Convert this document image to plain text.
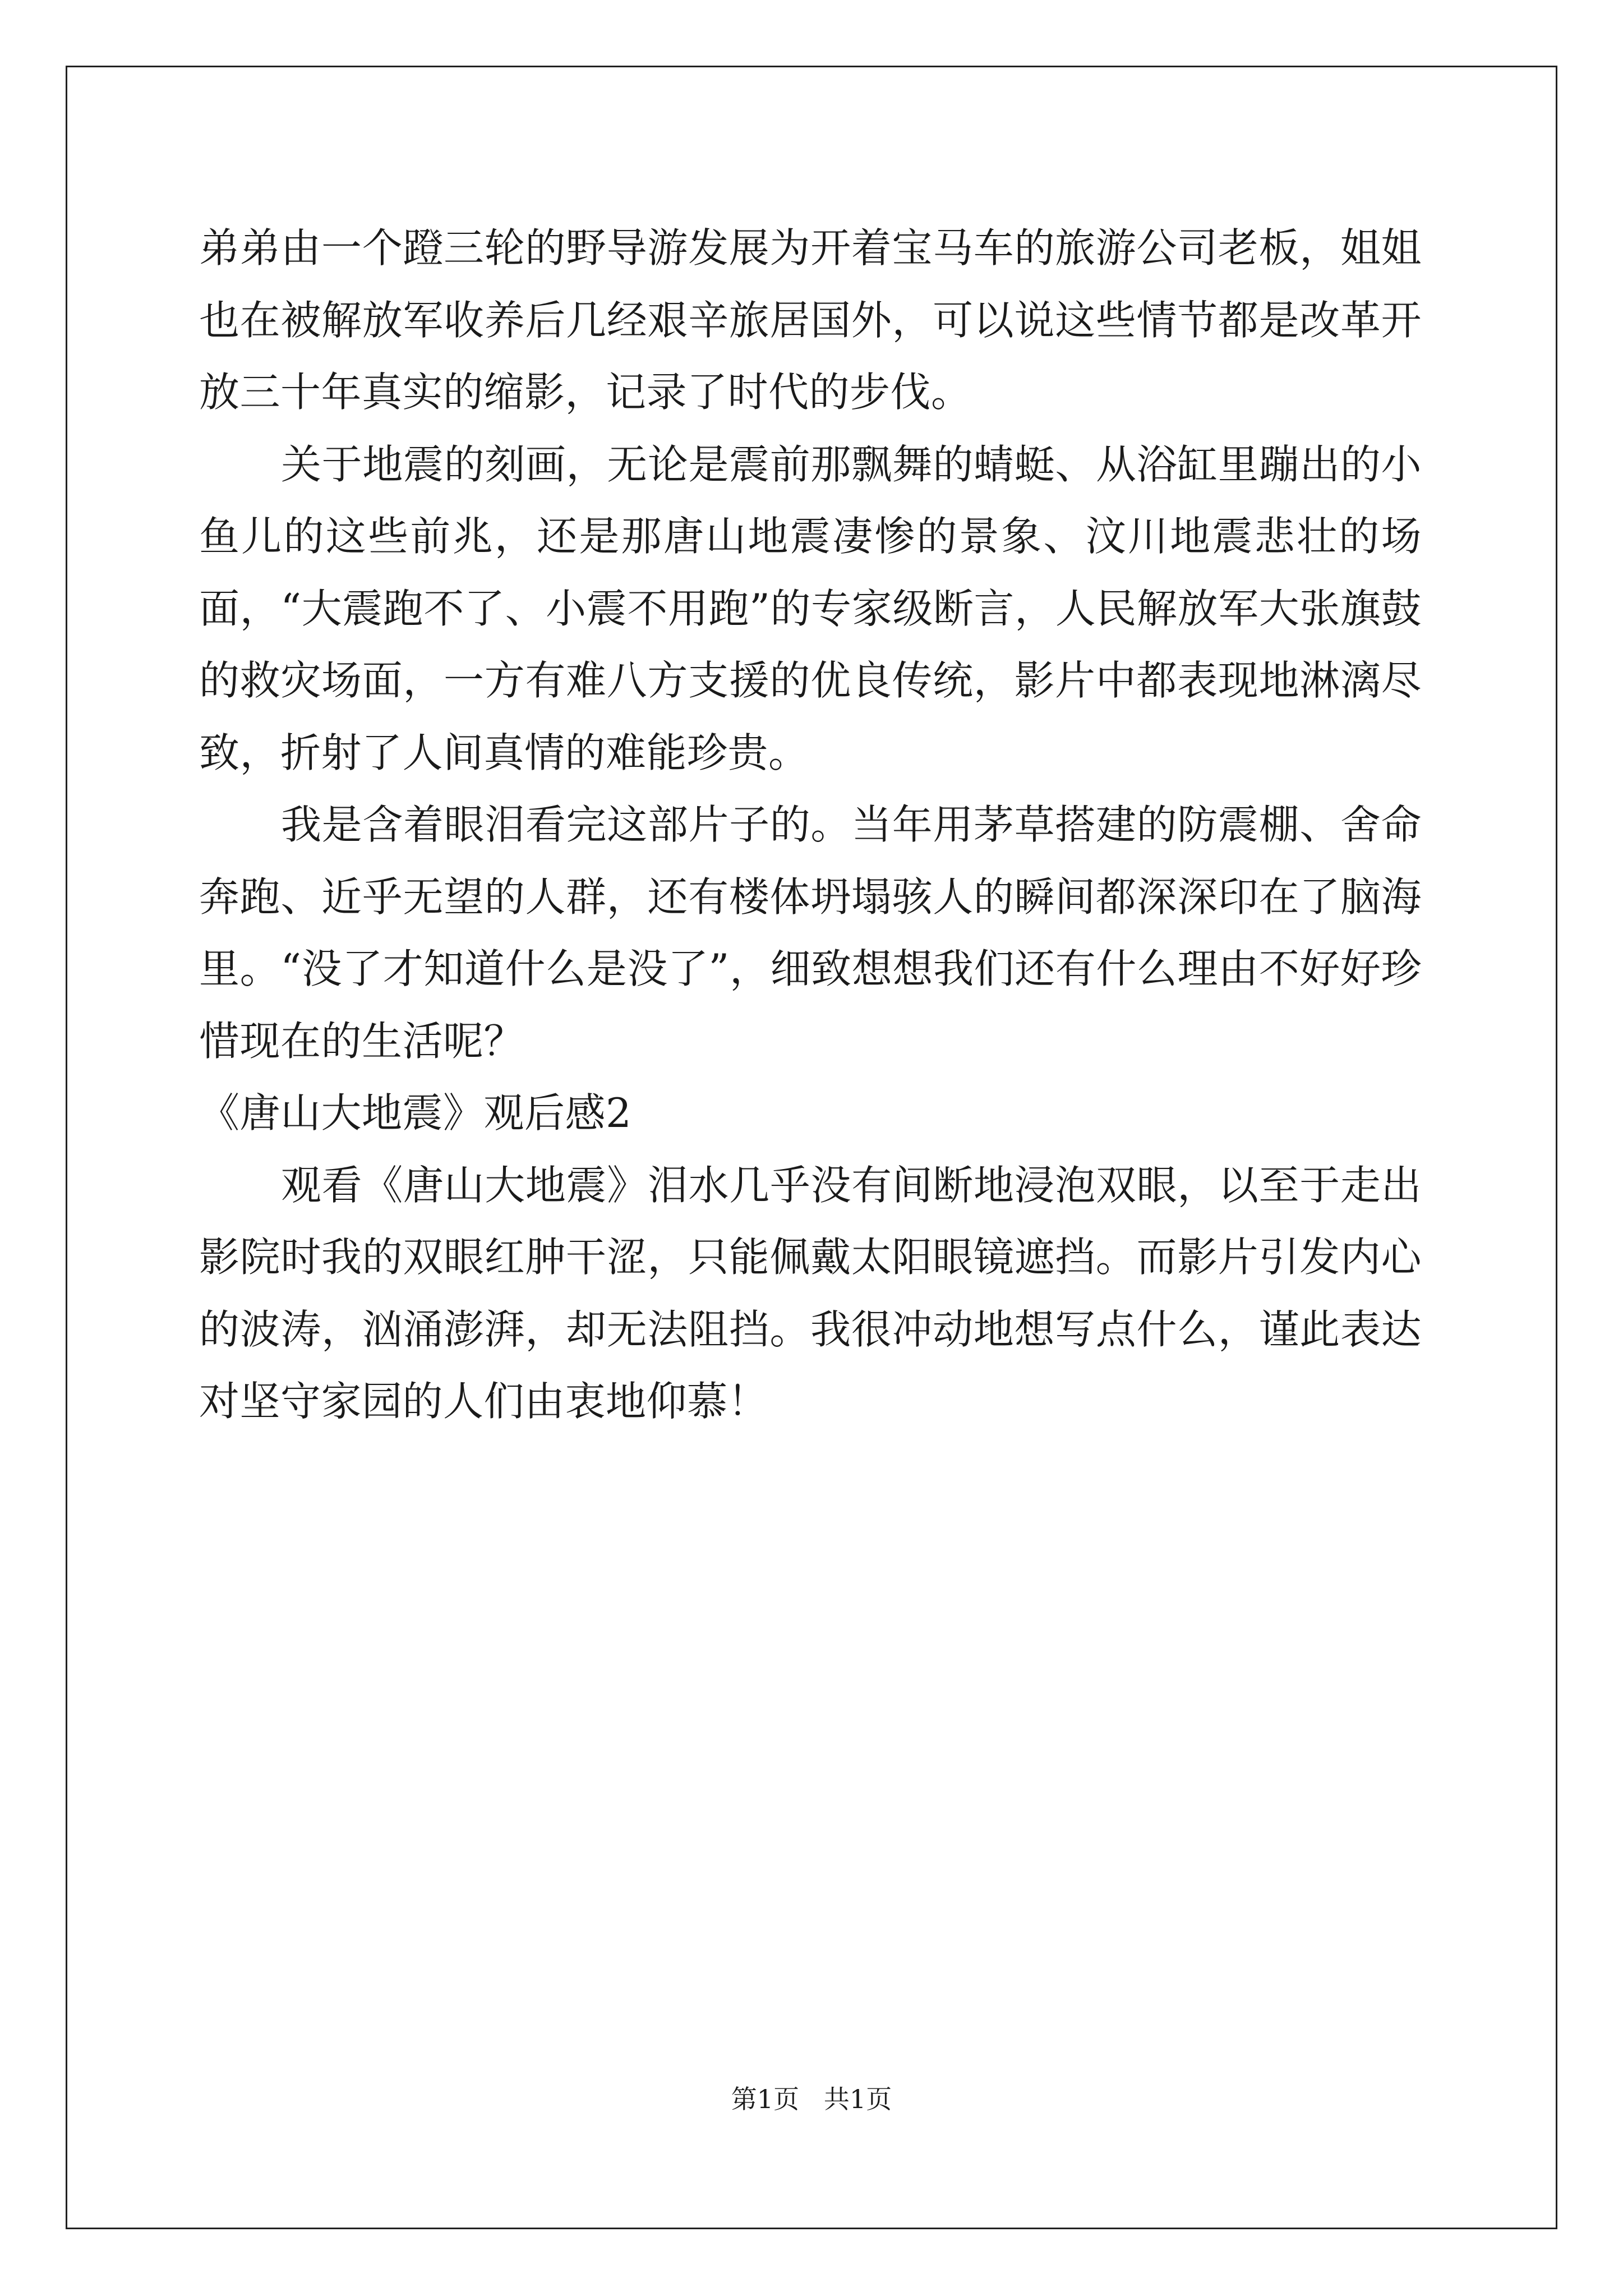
弟弟由一个蹬三轮的野导游发展为开着宝马车的旅游公司老板，姐姐也在被解放军收养后几经艰辛旅居国外，可以说这些情节都是改革开放三十年真实的缩影，记录了时代的步伐。

关于地震的刻画，无论是震前那飘舞的蜻蜓、从浴缸里蹦出的小鱼儿的这些前兆，还是那唐山地震凄惨的景象、汶川地震悲壮的场面，“大震跑不了、小震不用跑”的专家级断言，人民解放军大张旗鼓的救灾场面，一方有难八方支援的优良传统，影片中都表现地淋漓尽致，折射了人间真情的难能珍贵。

我是含着眼泪看完这部片子的。当年用茅草搭建的防震棚、舍命奔跑、近乎无望的人群，还有楼体坍塌骇人的瞬间都深深印在了脑海里。“没了才知道什么是没了”，细致想想我们还有什么理由不好好珍惜现在的生活呢？

《唐山大地震》观后感2

观看《唐山大地震》泪水几乎没有间断地浸泡双眼，以至于走出影院时我的双眼红肿干涩，只能佩戴太阳眼镜遮挡。而影片引发内心的波涛，汹涌澎湃，却无法阻挡。我很冲动地想写点什么，谨此表达对坚守家园的人们由衷地仰慕！

第1页   共1页
